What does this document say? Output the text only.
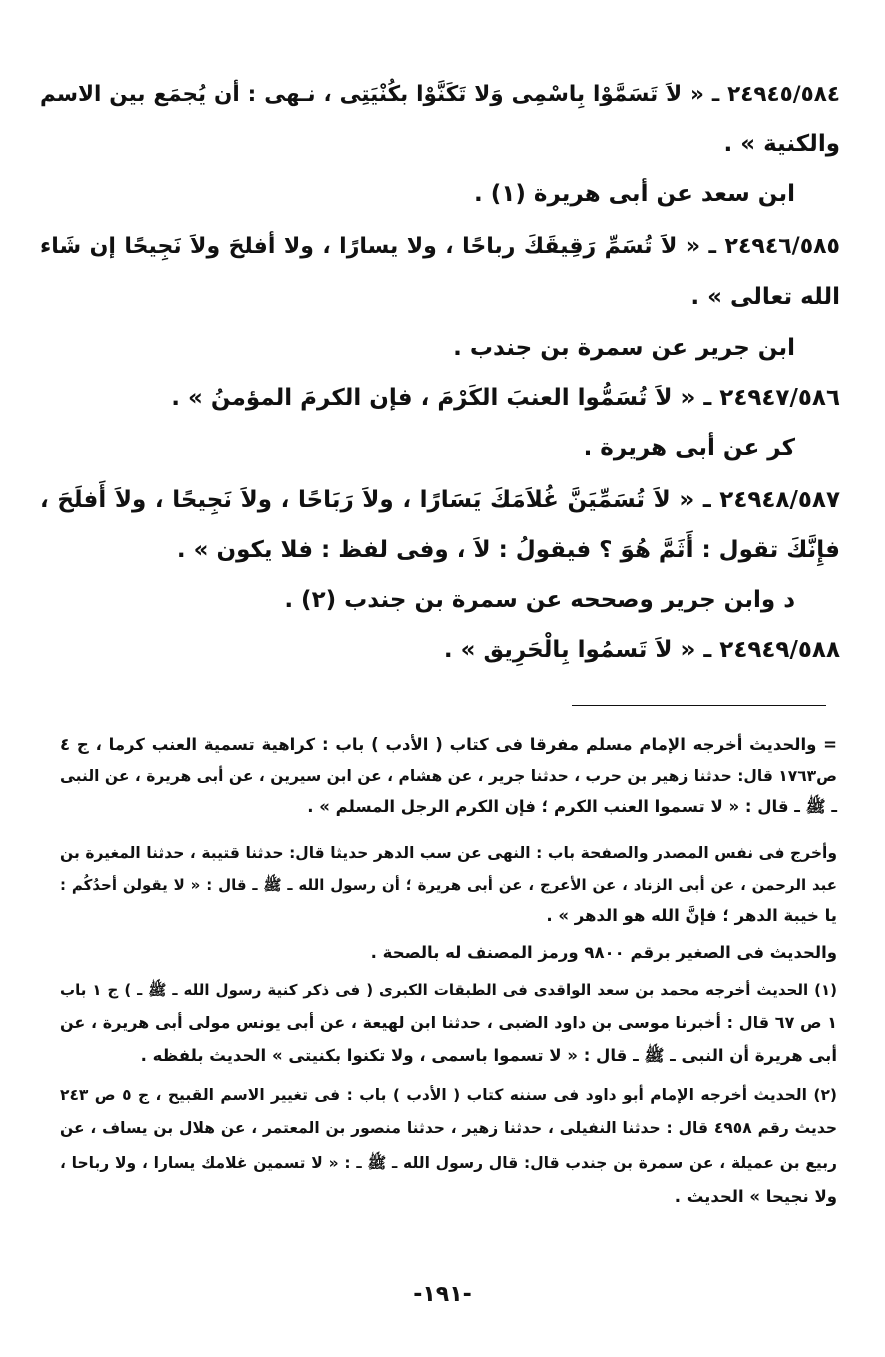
٢٤٩٤٥/٥٨٤ ـ « لاَ تَسَمَّوْا بِاسْمِى وَلا تَكَنَّوْا بكُنْيَتِى ، نـهى : أن يُجمَع بين الاسم
والكنية » .
ابن سعد عن أبى هريرة (١) .
٢٤٩٤٦/٥٨٥ ـ « لاَ تُسَمِّ رَقِيقَكَ رباحًا ، ولا يسارًا ، ولا أفلحَ ولاَ نَجِيحًا إن شَاء
الله تعالى » .
ابن جرير عن سمرة بن جندب .
٢٤٩٤٧/٥٨٦ ـ « لاَ تُسَمُّوا العنبَ الكَرْمَ ، فإن الكرمَ المؤمنُ » .
كر عن أبى هريرة .
٢٤٩٤٨/٥٨٧ ـ « لاَ تُسَمِّيَنَّ غُلاَمَكَ يَسَارًا ، ولاَ رَبَاحًا ، ولاَ نَجِيحًا ، ولاَ أَفلَحَ ،
فإِنَّكَ تقول : أَثَمَّ هُوَ ؟ فيقولُ : لاَ ، وفى لفظ : فلا يكون » .
د وابن جرير وصححه عن سمرة بن جندب (٢) .
٢٤٩٤٩/٥٨٨ ـ « لاَ تَسمُوا بِالْحَرِيق » .
= والحديث أخرجه الإمام مسلم مفرقا فى كتاب ( الأدب ) باب : كراهية تسمية العنب كرما ، ج ٤
ص١٧٦٣ قال: حدثنا زهير بن حرب ، حدثنا جرير ، عن هشام ، عن ابن سيرين ، عن أبى هريرة ، عن النبى
ـ ﷺ ـ قال : « لا تسموا العنب الكرم ؛ فإن الكرم الرجل المسلم » .
وأخرج فى نفس المصدر والصفحة باب : النهى عن سب الدهر حديثا قال: حدثنا قتيبة ، حدثنا المغيرة بن
عبد الرحمن ، عن أبى الزناد ، عن الأعرج ، عن أبى هريرة ؛ أن رسول الله ـ ﷺ ـ قال : « لا يقولن أحدُكُم :
يا خيبة الدهر ؛ فإنَّ الله هو الدهر » .
والحديث فى الصغير برقم ٩٨٠٠ ورمز المصنف له بالصحة .
(١) الحديث أخرجه محمد بن سعد الواقدى فى الطبقات الكبرى ( فى ذكر كنية رسول الله ـ ﷺ ـ ) ج ١ باب
١ ص ٦٧ قال : أخبرنا موسى بن داود الضبى ، حدثنا ابن لهيعة ، عن أبى يونس مولى أبى هريرة ، عن
أبى هريرة أن النبى ـ ﷺ ـ قال : « لا تسموا باسمى ، ولا تكنوا بكنيتى » الحديث بلفظه .
(٢) الحديث أخرجه الإمام أبو داود فى سننه كتاب ( الأدب ) باب : فى تغيير الاسم القبيح ، ج ٥ ص ٢٤٣
حديث رقم ٤٩٥٨ قال : حدثنا النفيلى ، حدثنا زهير ، حدثنا منصور بن المعتمر ، عن هلال بن يساف ، عن
ربيع بن عميلة ، عن سمرة بن جندب قال: قال رسول الله ـ ﷺ ـ : « لا تسمين غلامك يسارا ، ولا رباحا ،
ولا نجيحا » الحديث .
-١٩١-
